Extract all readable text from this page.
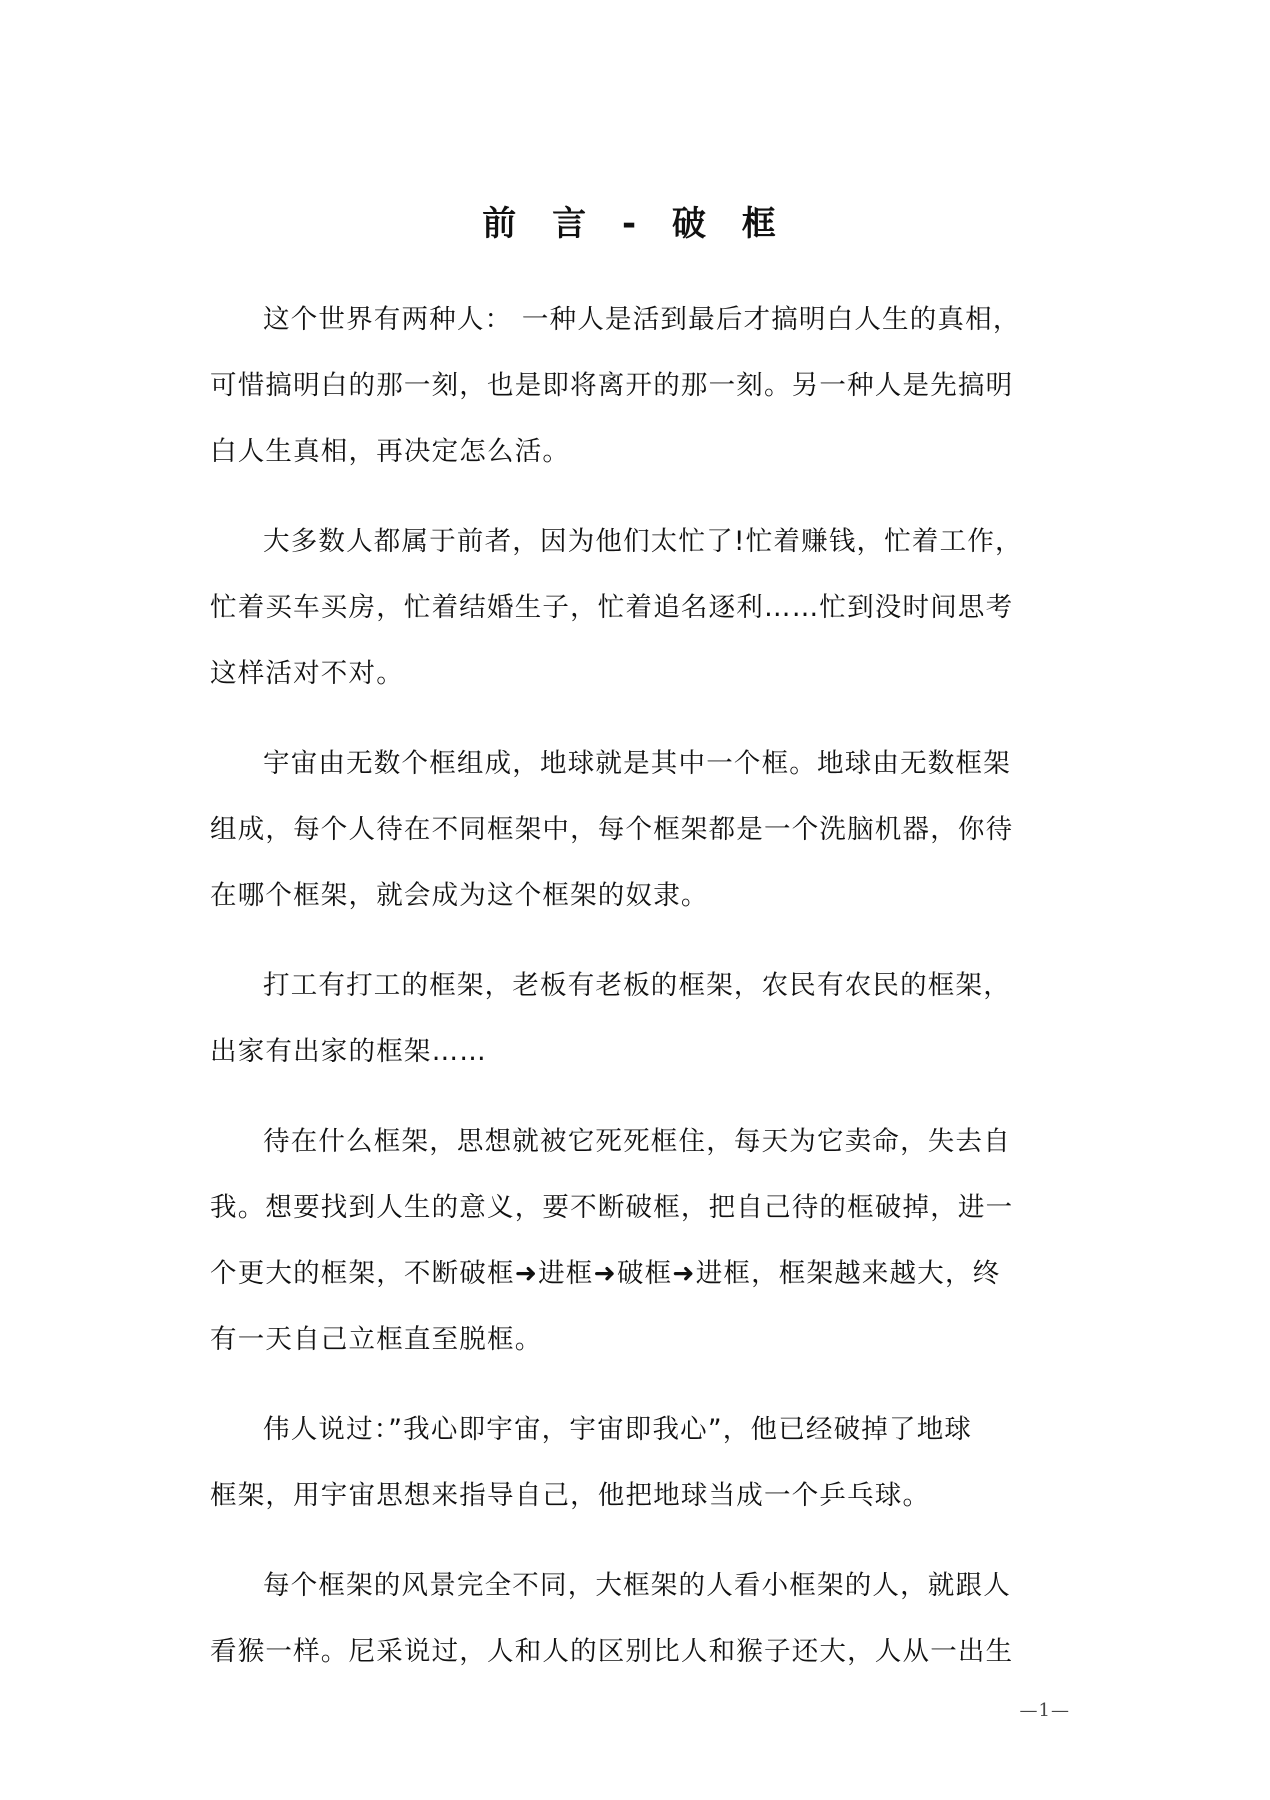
前 言 - 破 框

这个世界有两种人： 一种人是活到最后才搞明白人生的真相，
可惜搞明白的那一刻，也是即将离开的那一刻。另一种人是先搞明
白人生真相，再决定怎么活。

大多数人都属于前者，因为他们太忙了!忙着赚钱，忙着工作，
忙着买车买房，忙着结婚生子，忙着追名逐利……忙到没时间思考
这样活对不对。

宇宙由无数个框组成，地球就是其中一个框。地球由无数框架
组成，每个人待在不同框架中，每个框架都是一个洗脑机器，你待
在哪个框架，就会成为这个框架的奴隶。

打工有打工的框架，老板有老板的框架，农民有农民的框架，
出家有出家的框架……

待在什么框架，思想就被它死死框住，每天为它卖命，失去自
我。想要找到人生的意义，要不断破框，把自己待的框破掉，进一
个更大的框架，不断破框➜进框➜破框➜进框，框架越来越大，终
有一天自己立框直至脱框。

伟人说过：”我心即宇宙，宇宙即我心”，他已经破掉了地球
框架，用宇宙思想来指导自己，他把地球当成一个乒乓球。

每个框架的风景完全不同，大框架的人看小框架的人，就跟人
看猴一样。尼采说过，人和人的区别比人和猴子还大，人从一出生

—1—
